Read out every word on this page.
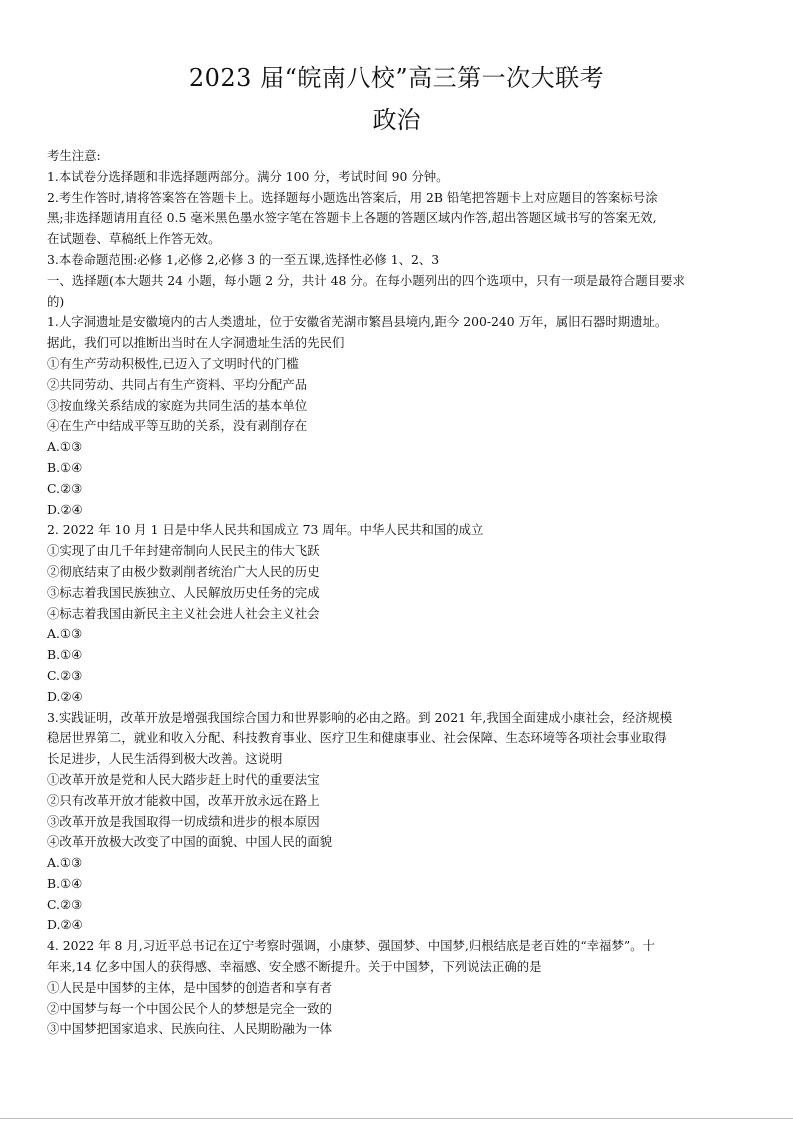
2023 届“皖南八校”高三第一次大联考
政治
考生注意:
1.本试卷分选择题和非选择题两部分。满分 100 分，考试时间 90 分钟。
2.考生作答时,请将答案答在答题卡上。选择题每小题选出答案后，用 2B 铅笔把答题卡上对应题目的答案标号涂
黑;非选择题请用直径 0.5 毫米黑色墨水签字笔在答题卡上各题的答题区域内作答,超出答题区域书写的答案无效,
在试题卷、草稿纸上作答无效。
3.本卷命题范围:必修 1,必修 2,必修 3 的一至五课,选择性必修 1、2、3
一、选择题(本大题共 24 小题，每小题 2 分，共计 48 分。在每小题列出的四个选项中，只有一项是最符合题目要求
的)
1.人字洞遗址是安徽境内的古人类遗址，位于安徽省芜湖市繁昌县境内,距今 200-240 万年，属旧石器时期遗址。
据此，我们可以推断出当时在人字洞遗址生活的先民们
①有生产劳动积极性,已迈入了文明时代的门槛
②共同劳动、共同占有生产资料、平均分配产品
③按血缘关系结成的家庭为共同生活的基本单位
④在生产中结成平等互助的关系，没有剥削存在
A.①③
B.①④
C.②③
D.②④
2. 2022 年 10 月 1 日是中华人民共和国成立 73 周年。中华人民共和国的成立
①实现了由几千年封建帝制向人民民主的伟大飞跃
②彻底结束了由极少数剥削者统治广大人民的历史
③标志着我国民族独立、人民解放历史任务的完成
④标志着我国由新民主主义社会进人社会主义社会
A.①③
B.①④
C.②③
D.②④
3.实践证明，改革开放是增强我国综合国力和世界影响的必由之路。到 2021 年,我国全面建成小康社会，经济规模
稳居世界第二，就业和收入分配、科技教育事业、医疗卫生和健康事业、社会保障、生态环境等各项社会事业取得
长足进步，人民生活得到极大改善。这说明
①改革开放是党和人民大踏步赶上时代的重要法宝
②只有改革开放才能救中国，改革开放永远在路上
③改革开放是我国取得一切成绩和进步的根本原因
④改革开放极大改变了中国的面貌、中国人民的面貌
A.①③
B.①④
C.②③
D.②④
4. 2022 年 8 月,习近平总书记在辽宁考察时强调，小康梦、强国梦、中国梦,归根结底是老百姓的“幸福梦”。十
年来,14 亿多中国人的获得感、幸福感、安全感不断提升。关于中国梦，下列说法正确的是
①人民是中国梦的主体，是中国梦的创造者和享有者
②中国梦与每一个中国公民个人的梦想是完全一致的
③中国梦把国家追求、民族向往、人民期盼融为一体
